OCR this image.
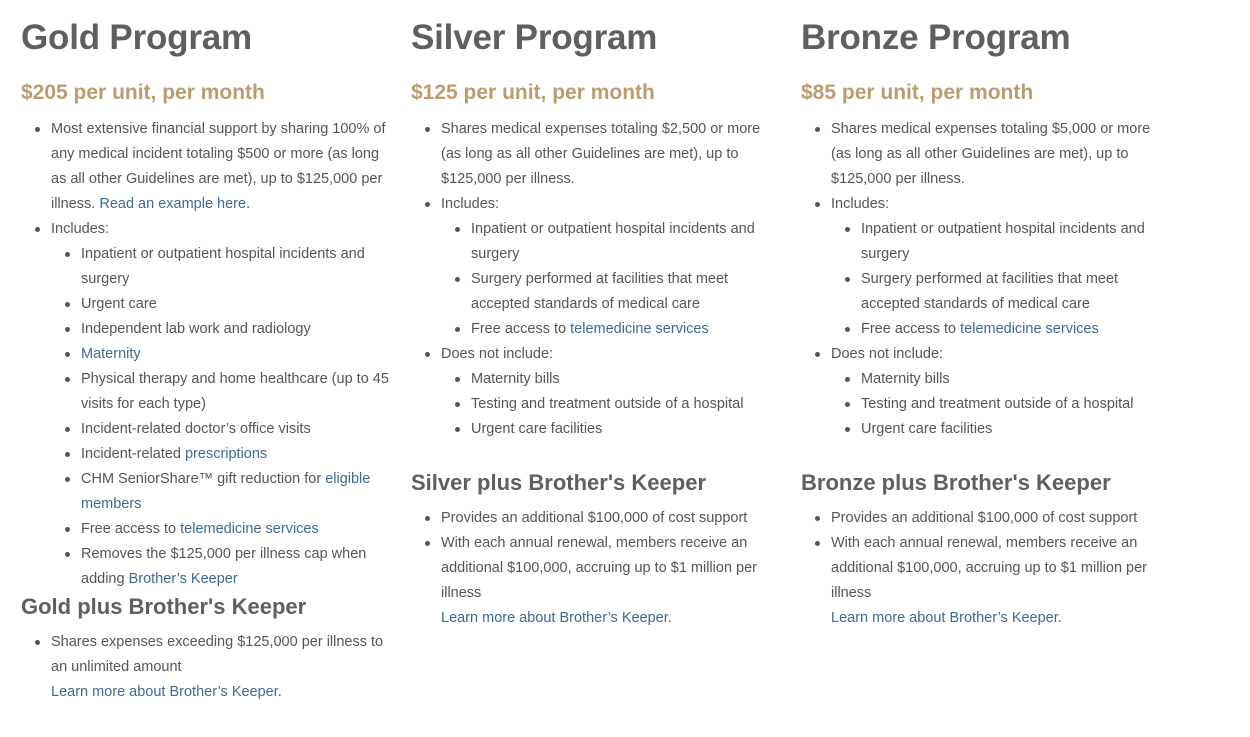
Gold Program
$205 per unit, per month
Most extensive financial support by sharing 100% of any medical incident totaling $500 or more (as long as all other Guidelines are met), up to $125,000 per illness. Read an example here.
Includes:
Inpatient or outpatient hospital incidents and surgery
Urgent care
Independent lab work and radiology
Maternity
Physical therapy and home healthcare (up to 45 visits for each type)
Incident-related doctor’s office visits
Incident-related prescriptions
CHM SeniorShare™ gift reduction for eligible members
Free access to telemedicine services
Removes the $125,000 per illness cap when adding Brother’s Keeper
Gold plus Brother's Keeper
Shares expenses exceeding $125,000 per illness to an unlimited amount
Learn more about Brother’s Keeper.
Silver Program
$125 per unit, per month
Shares medical expenses totaling $2,500 or more (as long as all other Guidelines are met), up to $125,000 per illness.
Includes:
Inpatient or outpatient hospital incidents and surgery
Surgery performed at facilities that meet accepted standards of medical care
Free access to telemedicine services
Does not include:
Maternity bills
Testing and treatment outside of a hospital
Urgent care facilities
Silver plus Brother's Keeper
Provides an additional $100,000 of cost support
With each annual renewal, members receive an additional $100,000, accruing up to $1 million per illness
Learn more about Brother’s Keeper.
Bronze Program
$85 per unit, per month
Shares medical expenses totaling $5,000 or more (as long as all other Guidelines are met), up to $125,000 per illness.
Includes:
Inpatient or outpatient hospital incidents and surgery
Surgery performed at facilities that meet accepted standards of medical care
Free access to telemedicine services
Does not include:
Maternity bills
Testing and treatment outside of a hospital
Urgent care facilities
Bronze plus Brother's Keeper
Provides an additional $100,000 of cost support
With each annual renewal, members receive an additional $100,000, accruing up to $1 million per illness
Learn more about Brother’s Keeper.
